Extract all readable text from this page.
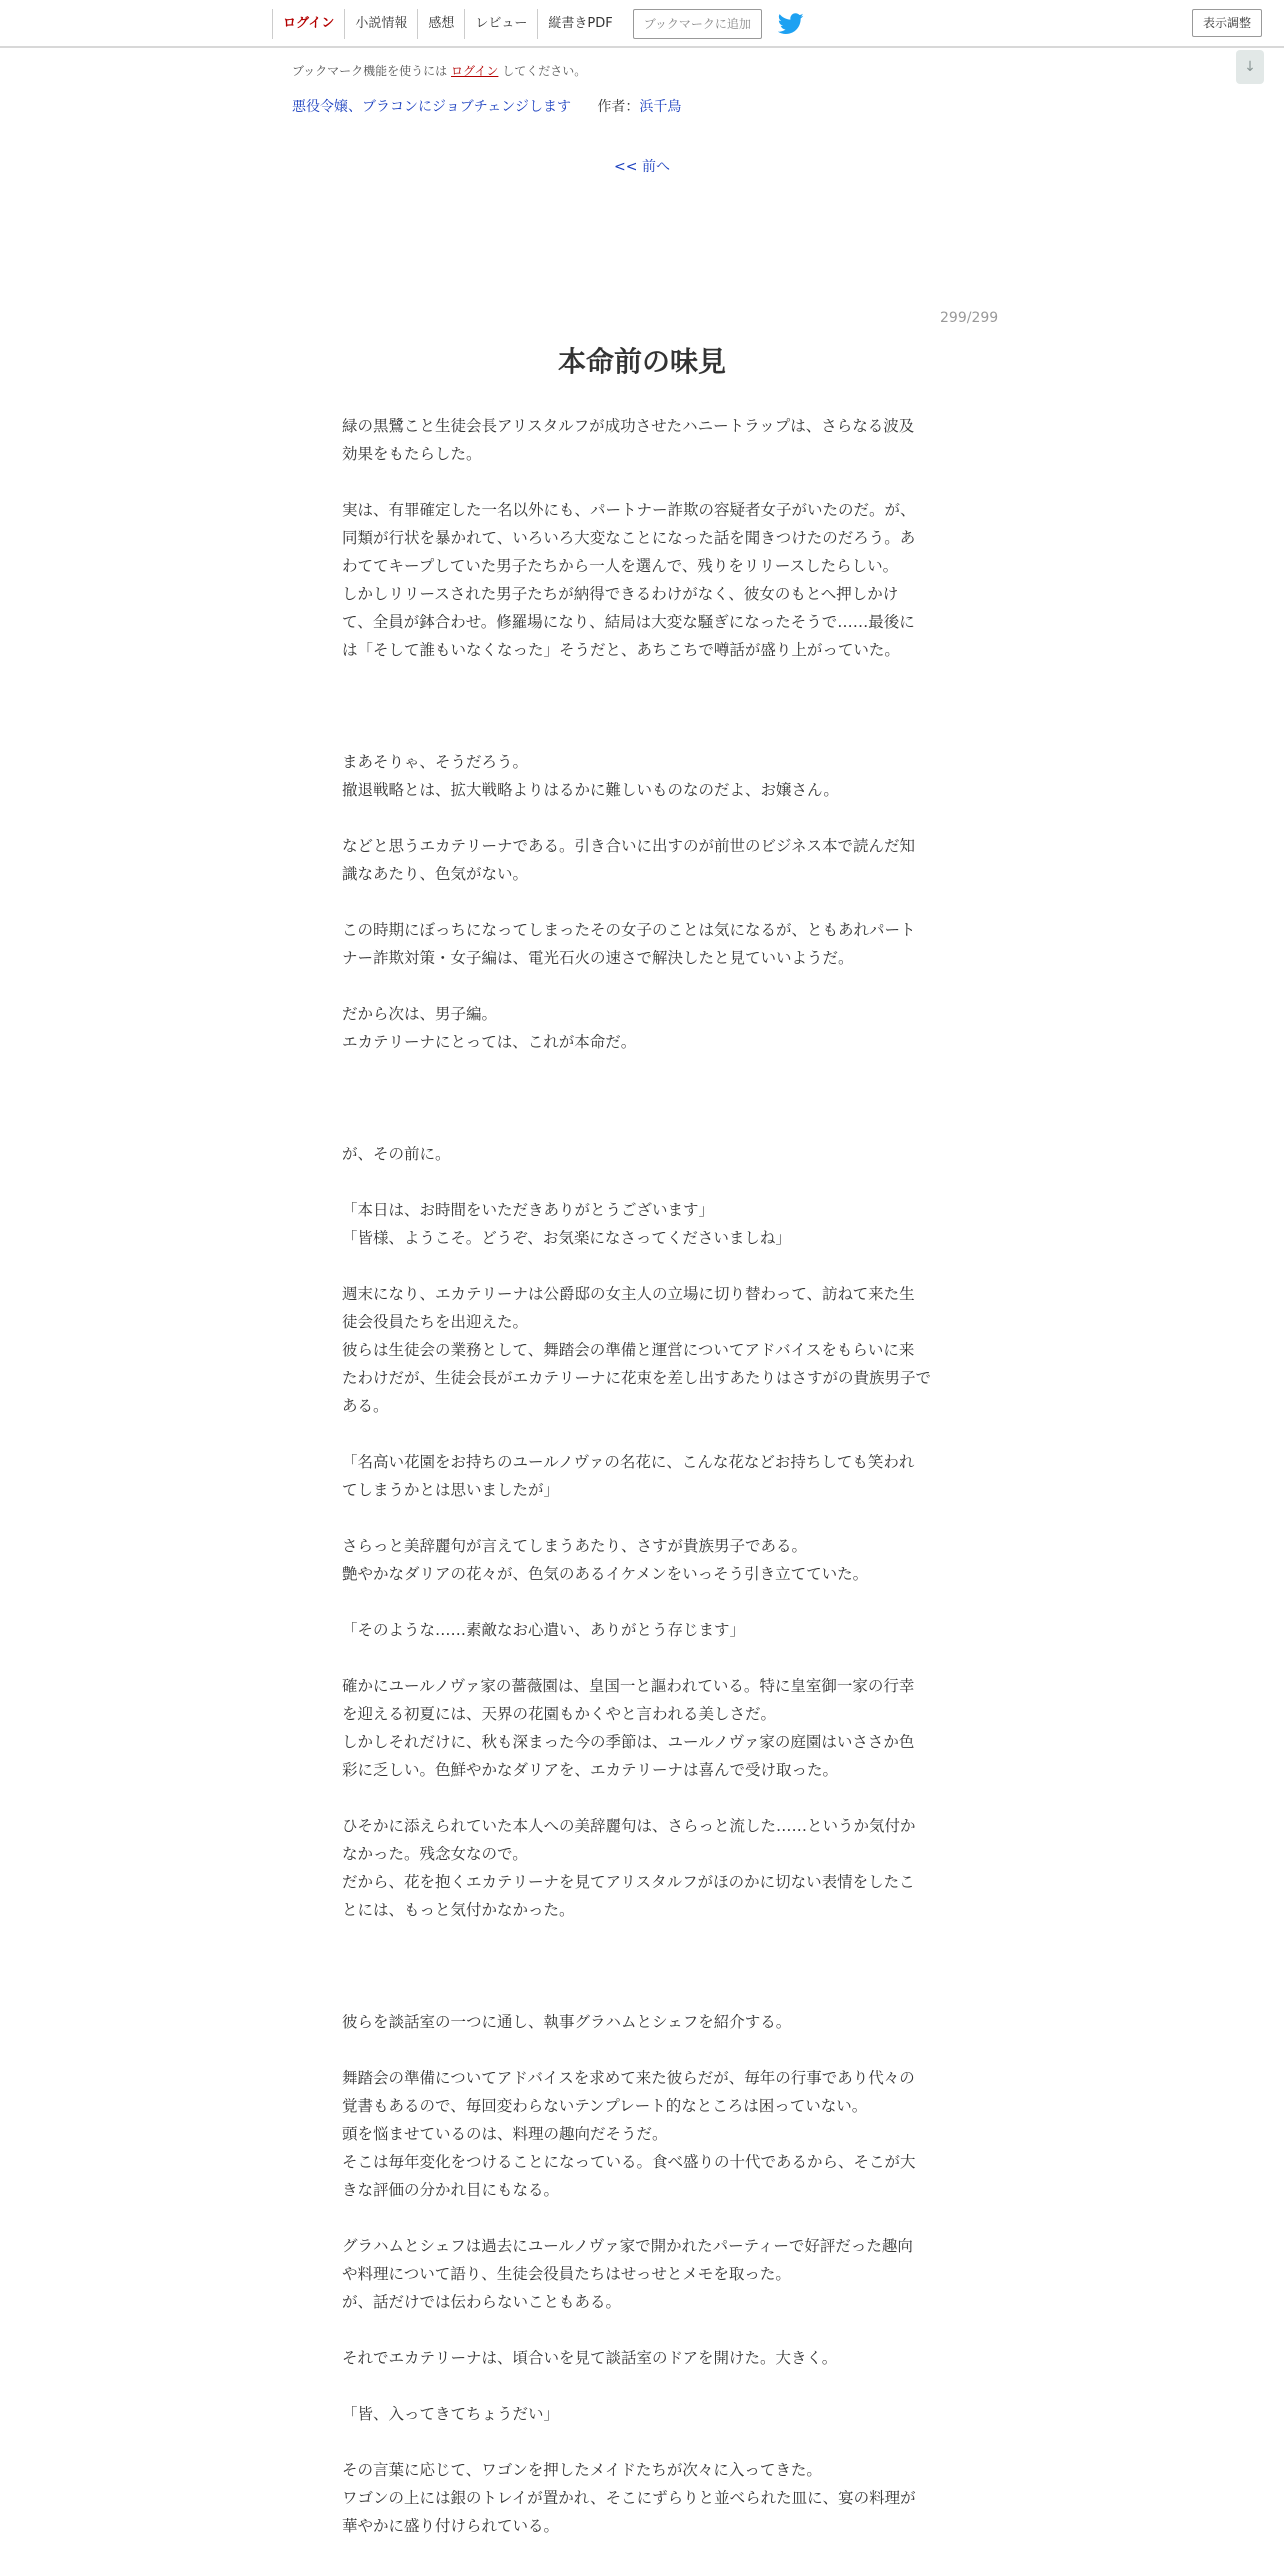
ログイン	小説情報	感想	レビュー	縦書きPDF	ブックマークに追加	表示調整
↓
ブックマーク機能を使うには ログイン してください。
悪役令嬢、ブラコンにジョブチェンジします 作者：浜千鳥
<< 前へ
299/299
本命前の味見
緑の黒鷺こと生徒会長アリスタルフが成功させたハニートラップは、さらなる波及
効果をもたらした。
実は、有罪確定した一名以外にも、パートナー詐欺の容疑者女子がいたのだ。が、
同類が行状を暴かれて、いろいろ大変なことになった話を聞きつけたのだろう。あ
わててキープしていた男子たちから一人を選んで、残りをリリースしたらしい。
しかしリリースされた男子たちが納得できるわけがなく、彼女のもとへ押しかけ
て、全員が鉢合わせ。修羅場になり、結局は大変な騒ぎになったそうで……最後に
は「そして誰もいなくなった」そうだと、あちこちで噂話が盛り上がっていた。
まあそりゃ、そうだろう。
撤退戦略とは、拡大戦略よりはるかに難しいものなのだよ、お嬢さん。
などと思うエカテリーナである。引き合いに出すのが前世のビジネス本で読んだ知
識なあたり、色気がない。
この時期にぼっちになってしまったその女子のことは気になるが、ともあれパート
ナー詐欺対策・女子編は、電光石火の速さで解決したと見ていいようだ。
だから次は、男子編。
エカテリーナにとっては、これが本命だ。
が、その前に。
「本日は、お時間をいただきありがとうございます」
「皆様、ようこそ。どうぞ、お気楽になさってくださいましね」
週末になり、エカテリーナは公爵邸の女主人の立場に切り替わって、訪ねて来た生
徒会役員たちを出迎えた。
彼らは生徒会の業務として、舞踏会の準備と運営についてアドバイスをもらいに来
たわけだが、生徒会長がエカテリーナに花束を差し出すあたりはさすがの貴族男子で
ある。
「名高い花園をお持ちのユールノヴァの名花に、こんな花などお持ちしても笑われ
てしまうかとは思いましたが」
さらっと美辞麗句が言えてしまうあたり、さすが貴族男子である。
艶やかなダリアの花々が、色気のあるイケメンをいっそう引き立てていた。
「そのような……素敵なお心遣い、ありがとう存じます」
確かにユールノヴァ家の薔薇園は、皇国一と謳われている。特に皇室御一家の行幸
を迎える初夏には、天界の花園もかくやと言われる美しさだ。
しかしそれだけに、秋も深まった今の季節は、ユールノヴァ家の庭園はいささか色
彩に乏しい。色鮮やかなダリアを、エカテリーナは喜んで受け取った。
ひそかに添えられていた本人への美辞麗句は、さらっと流した……というか気付か
なかった。残念女なので。
だから、花を抱くエカテリーナを見てアリスタルフがほのかに切ない表情をしたこ
とには、もっと気付かなかった。
彼らを談話室の一つに通し、執事グラハムとシェフを紹介する。
舞踏会の準備についてアドバイスを求めて来た彼らだが、毎年の行事であり代々の
覚書もあるので、毎回変わらないテンプレート的なところは困っていない。
頭を悩ませているのは、料理の趣向だそうだ。
そこは毎年変化をつけることになっている。食べ盛りの十代であるから、そこが大
きな評価の分かれ目にもなる。
グラハムとシェフは過去にユールノヴァ家で開かれたパーティーで好評だった趣向
や料理について語り、生徒会役員たちはせっせとメモを取った。
が、話だけでは伝わらないこともある。
それでエカテリーナは、頃合いを見て談話室のドアを開けた。大きく。
「皆、入ってきてちょうだい」
その言葉に応じて、ワゴンを押したメイドたちが次々に入ってきた。
ワゴンの上には銀のトレイが置かれ、そこにずらりと並べられた皿に、宴の料理が
華やかに盛り付けられている。
